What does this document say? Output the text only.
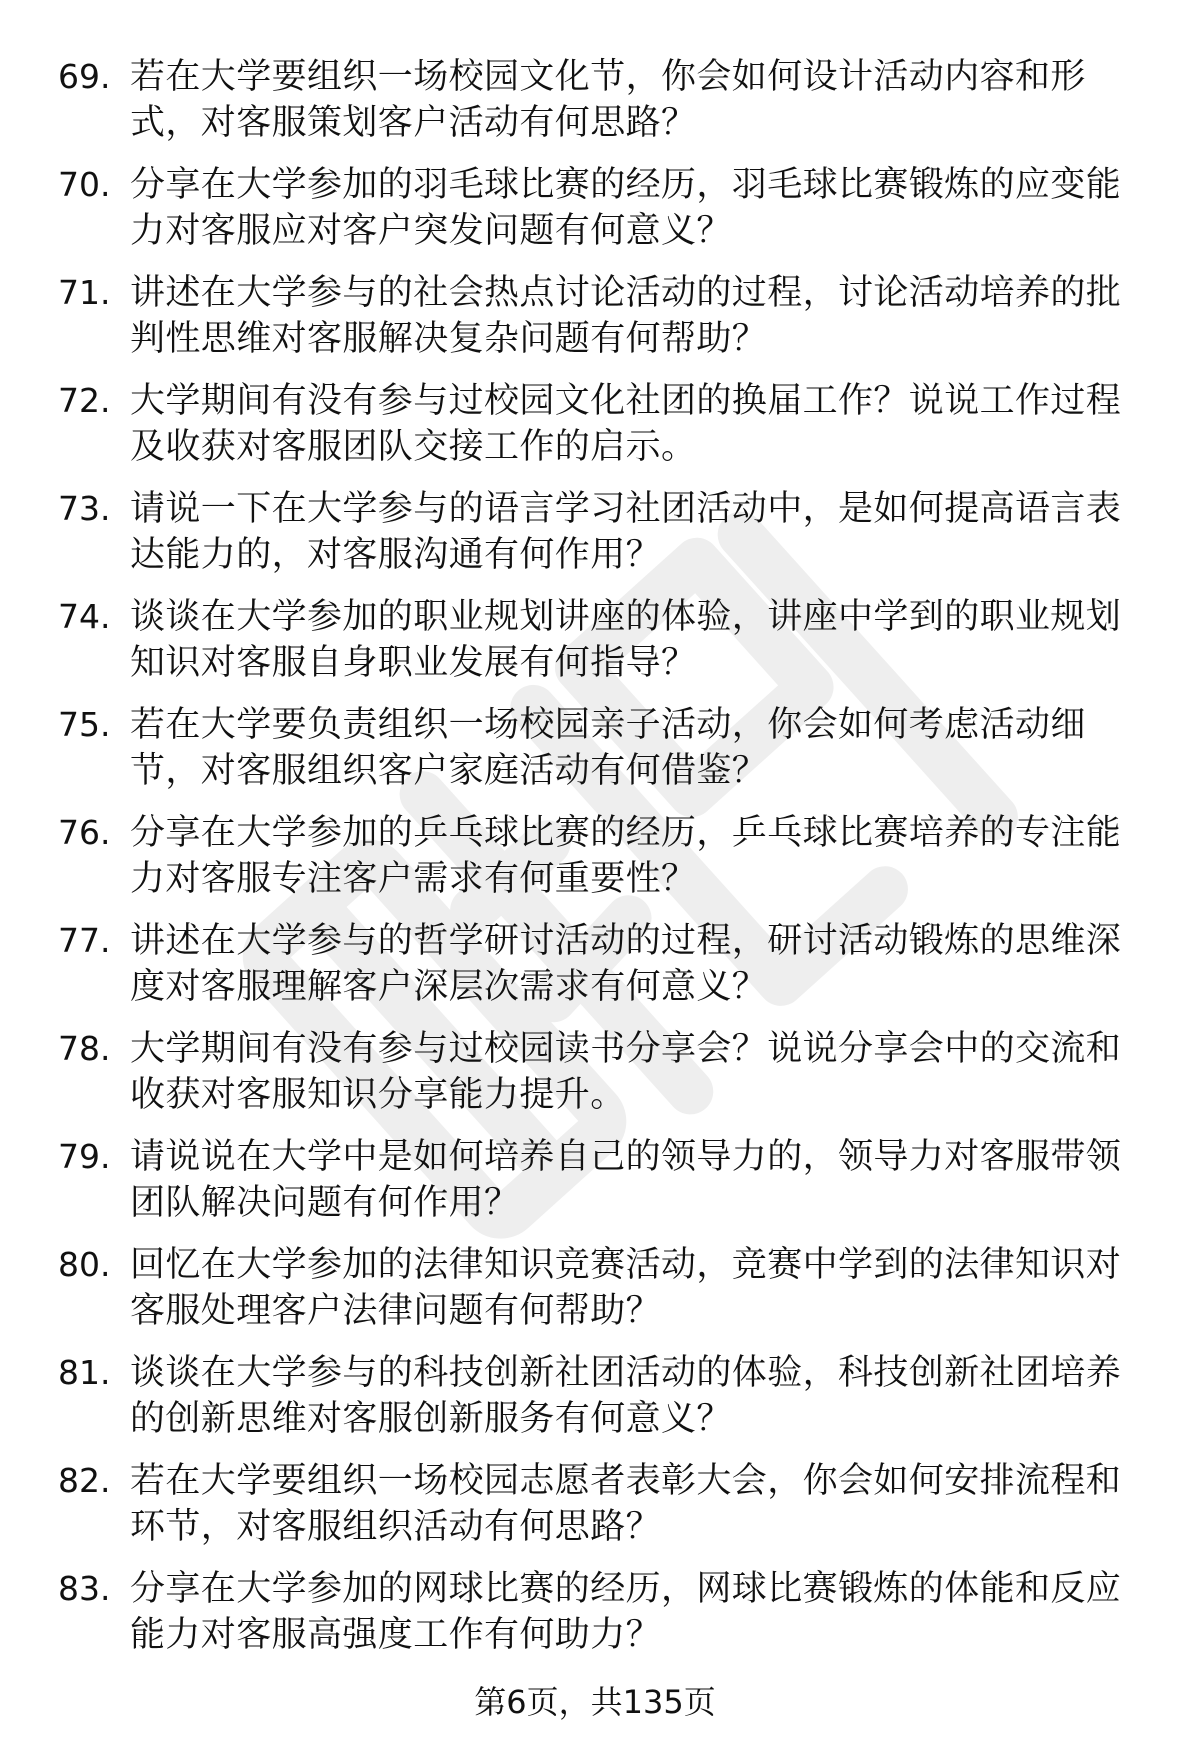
69. 若在大学要组织一场校园文化节，你会如何设计活动内容和形式，对客服策划客户活动有何思路？
70. 分享在大学参加的羽毛球比赛的经历，羽毛球比赛锻炼的应变能力对客服应对客户突发问题有何意义？
71. 讲述在大学参与的社会热点讨论活动的过程，讨论活动培养的批判性思维对客服解决复杂问题有何帮助？
72. 大学期间有没有参与过校园文化社团的换届工作？说说工作过程及收获对客服团队交接工作的启示。
73. 请说一下在大学参与的语言学习社团活动中，是如何提高语言表达能力的，对客服沟通有何作用？
74. 谈谈在大学参加的职业规划讲座的体验，讲座中学到的职业规划知识对客服自身职业发展有何指导？
75. 若在大学要负责组织一场校园亲子活动，你会如何考虑活动细节，对客服组织客户家庭活动有何借鉴？
76. 分享在大学参加的乒乓球比赛的经历，乒乓球比赛培养的专注能力对客服专注客户需求有何重要性？
77. 讲述在大学参与的哲学研讨活动的过程，研讨活动锻炼的思维深度对客服理解客户深层次需求有何意义？
78. 大学期间有没有参与过校园读书分享会？说说分享会中的交流和收获对客服知识分享能力提升。
79. 请说说在大学中是如何培养自己的领导力的，领导力对客服带领团队解决问题有何作用？
80. 回忆在大学参加的法律知识竞赛活动，竞赛中学到的法律知识对客服处理客户法律问题有何帮助？
81. 谈谈在大学参与的科技创新社团活动的体验，科技创新社团培养的创新思维对客服创新服务有何意义？
82. 若在大学要组织一场校园志愿者表彰大会，你会如何安排流程和环节，对客服组织活动有何思路？
83. 分享在大学参加的网球比赛的经历，网球比赛锻炼的体能和反应能力对客服高强度工作有何助力？
第6页，共135页
